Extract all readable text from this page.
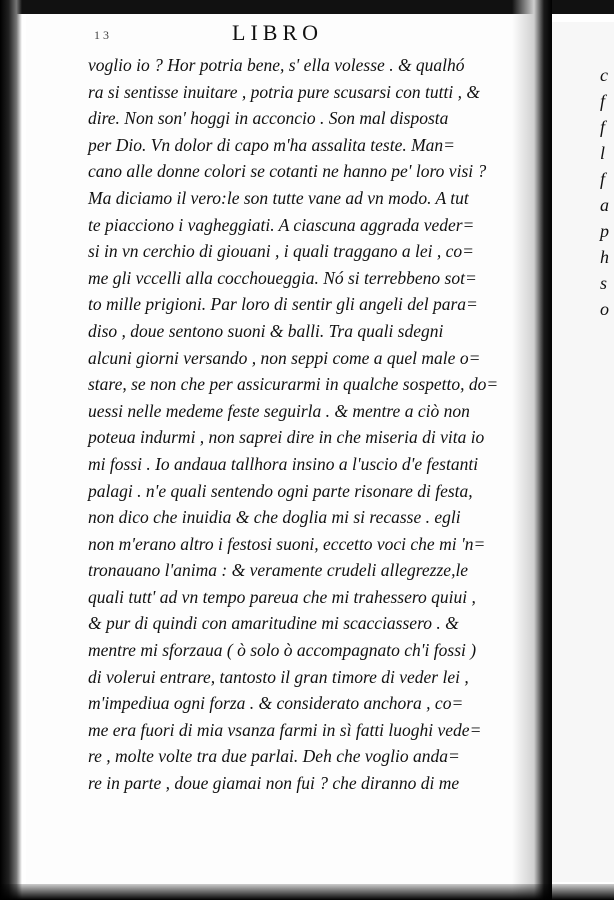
LIBRO
1 3
voglio io ? Hor potria bene, s' ella volesse . & qualhó
ra si sentisse inuitare , potria pure scusarsi con tutti , &
dire. Non son' hoggi in acconcio . Son mal disposta
per Dio. Vn dolor di capo m'ha assalita teste. Man=
cano alle donne colori se cotanti ne hanno pe' loro visi ?
Ma diciamo il vero:le son tutte vane ad vn modo. A tut
te piacciono i vagheggiati. A ciascuna aggrada veder=
si in vn cerchio di giouani , i quali traggano a lei , co=
me gli vccelli alla cocchoueggia. Nó si terrebbeno sot=
to mille prigioni. Par loro di sentir gli angeli del para=
diso , doue sentono suoni & balli. Tra quali sdegni
alcuni giorni versando , non seppi come a quel male o=
stare, se non che per assicurarmi in qualche sospetto, do=
uessi nelle medeme feste seguirla . & mentre a ciò non
poteua indurmi , non saprei dire in che miseria di vita io
mi fossi . Io andaua tallhora insino a l'uscio d'e festanti
palagi . n'e quali sentendo ogni parte risonare di festa,
non dico che inuidia & che doglia mi si recasse . egli
non m'erano altro i festosi suoni, eccetto voci che mi 'n=
tronauano l'anima : & veramente crudeli allegrezze,le
quali tutt' ad vn tempo pareua che mi trahessero quiui ,
& pur di quindi con amaritudine mi scacciassero . &
mentre mi sforzaua ( ò solo ò accompagnato ch'i fossi )
di volerui entrare, tantosto il gran timore di veder lei ,
m'impediua ogni forza . & considerato anchora , co=
me era fuori di mia vsanza farmi in sì fatti luoghi vede=
re , molte volte tra due parlai. Deh che voglio anda=
re in parte , doue giamai non fui ? che diranno di me
c
f
f
l
f
a
p
h
s
o
